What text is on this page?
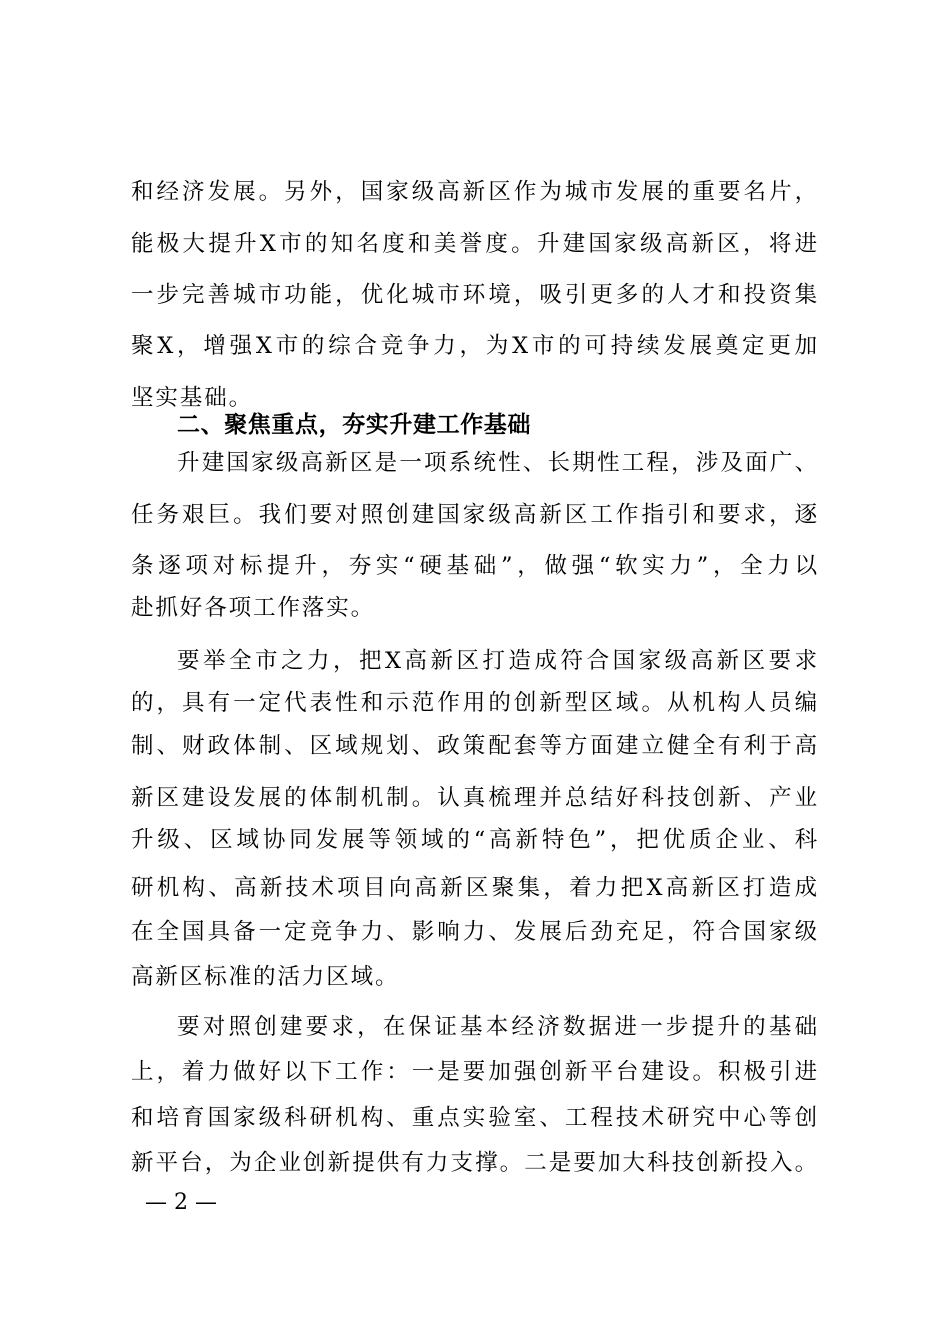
和经济发展。另外，国家级高新区作为城市发展的重要名片，
能极大提升X市的知名度和美誉度。升建国家级高新区，将进
一步完善城市功能，优化城市环境，吸引更多的人才和投资集
聚X，增强X市的综合竞争力，为X市的可持续发展奠定更加
坚实基础。
二、聚焦重点，夯实升建工作基础
升建国家级高新区是一项系统性、长期性工程，涉及面广、
任务艰巨。我们要对照创建国家级高新区工作指引和要求，逐
条逐项对标提升，夯实“硬基础”，做强“软实力”，全力以
赴抓好各项工作落实。
要举全市之力，把X高新区打造成符合国家级高新区要求
的，具有一定代表性和示范作用的创新型区域。从机构人员编
制、财政体制、区域规划、政策配套等方面建立健全有利于高
新区建设发展的体制机制。认真梳理并总结好科技创新、产业
升级、区域协同发展等领域的“高新特色”，把优质企业、科
研机构、高新技术项目向高新区聚集，着力把X高新区打造成
在全国具备一定竞争力、影响力、发展后劲充足，符合国家级
高新区标准的活力区域。
要对照创建要求，在保证基本经济数据进一步提升的基础
上，着力做好以下工作：一是要加强创新平台建设。积极引进
和培育国家级科研机构、重点实验室、工程技术研究中心等创
新平台，为企业创新提供有力支撑。二是要加大科技创新投入。
— 2 —
